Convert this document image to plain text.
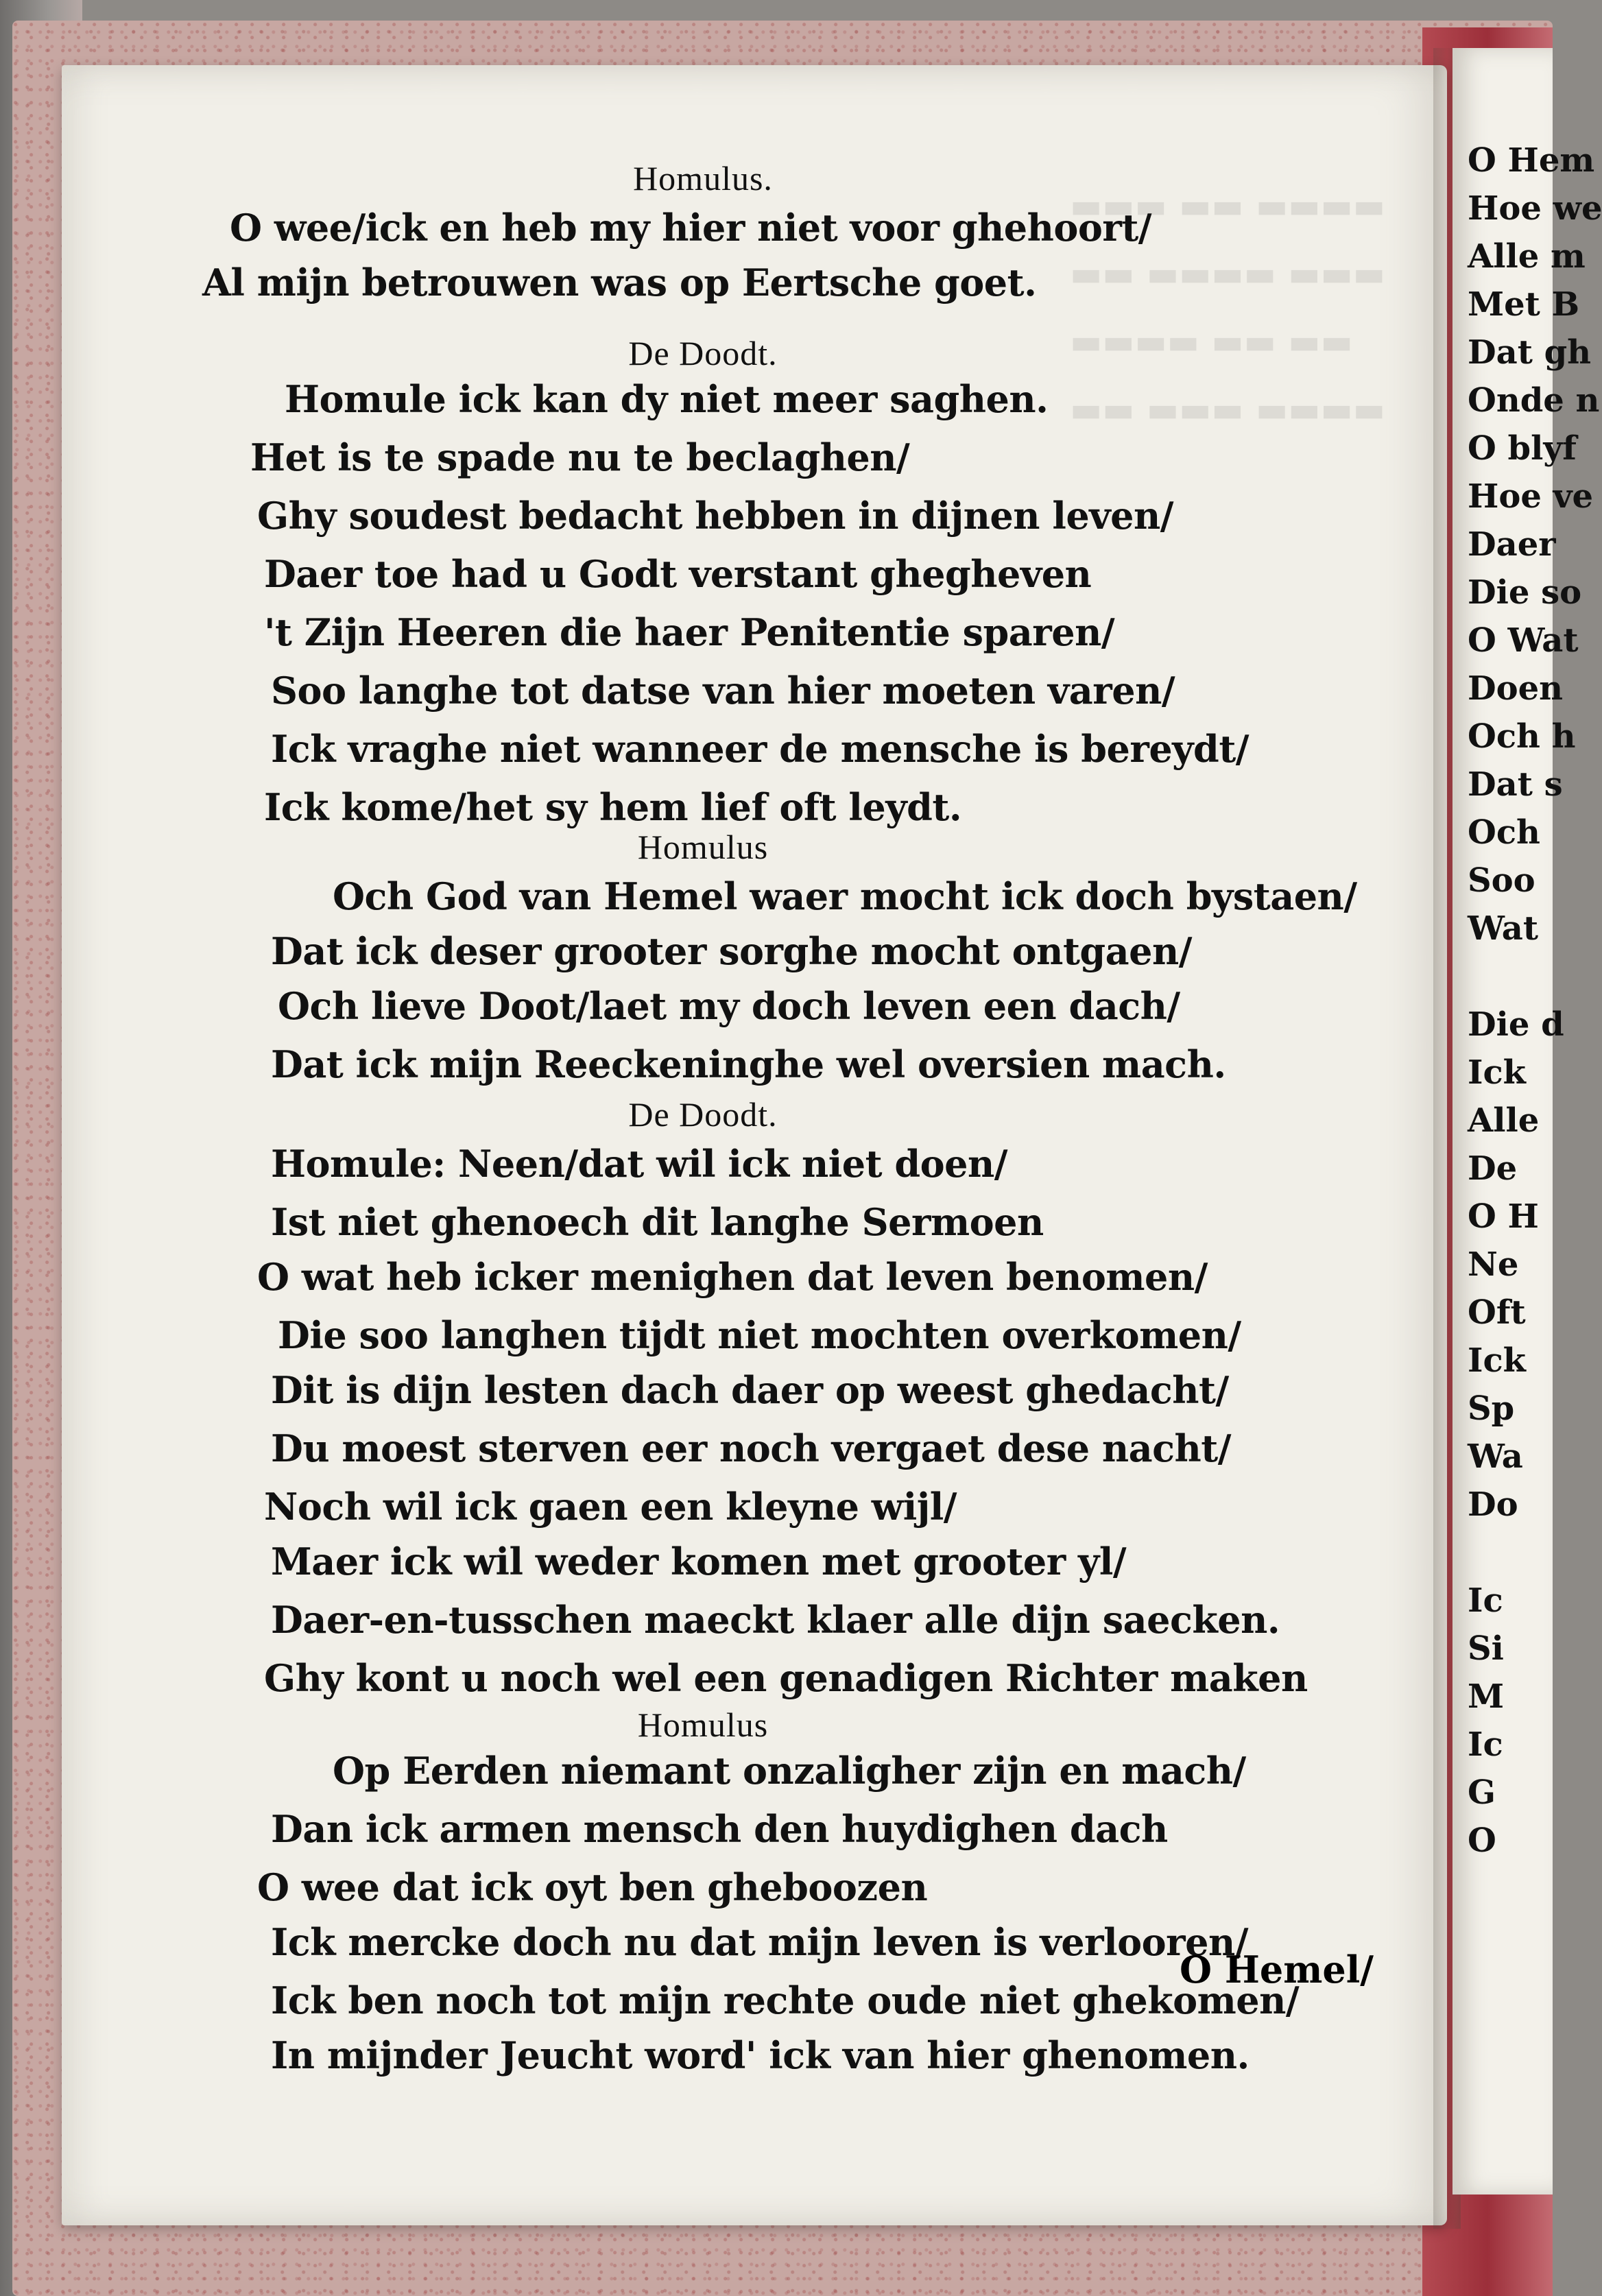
Homulus.
O wee/ick en heb my hier niet voor ghehoort/
Al mijn betrouwen was op Eertsche goet.
De Doodt.
Homule ick kan dy niet meer saghen.
Het is te spade nu te beclaghen/
Ghy soudest bedacht hebben in dijnen leven/
Daer toe had u Godt verstant ghegheven
't Zijn Heeren die haer Penitentie sparen/
Soo langhe tot datse van hier moeten varen/
Ick vraghe niet wanneer de mensche is bereydt/
Ick kome/het sy hem lief oft leydt.
Homulus
Och God van Hemel waer mocht ick doch bystaen/
Dat ick deser grooter sorghe mocht ontgaen/
Och lieve Doot/laet my doch leven een dach/
Dat ick mijn Reeckeninghe wel oversien mach.
De Doodt.
Homule: Neen/dat wil ick niet doen/
Ist niet ghenoech dit langhe Sermoen
O wat heb icker menighen dat leven benomen/
Die soo langhen tijdt niet mochten overkomen/
Dit is dijn lesten dach daer op weest ghedacht/
Du moest sterven eer noch vergaet dese nacht/
Noch wil ick gaen een kleyne wijl/
Maer ick wil weder komen met grooter yl/
Daer-en-tusschen maeckt klaer alle dijn saecken.
Ghy kont u noch wel een genadigen Richter maken
Homulus
Op Eerden niemant onzaligher zijn en mach/
Dan ick armen mensch den huydighen dach
O wee dat ick oyt ben gheboozen
Ick mercke doch nu dat mijn leven is verlooren/
Ick ben noch tot mijn rechte oude niet ghekomen/
In mijnder Jeucht word' ick van hier ghenomen.
O Hemel/
O Hem
Hoe we
Alle m
Met B
Dat gh
Onde n
O blyf
Hoe ve
Daer
Die so
O Wat
Doen
Och h
Dat s
Och
Soo
Wat
Die d
Ick
Alle
De
O H
Ne
Oft
Ick
Sp
Wa
Do
Ic
Si
M
Ic
G
O
